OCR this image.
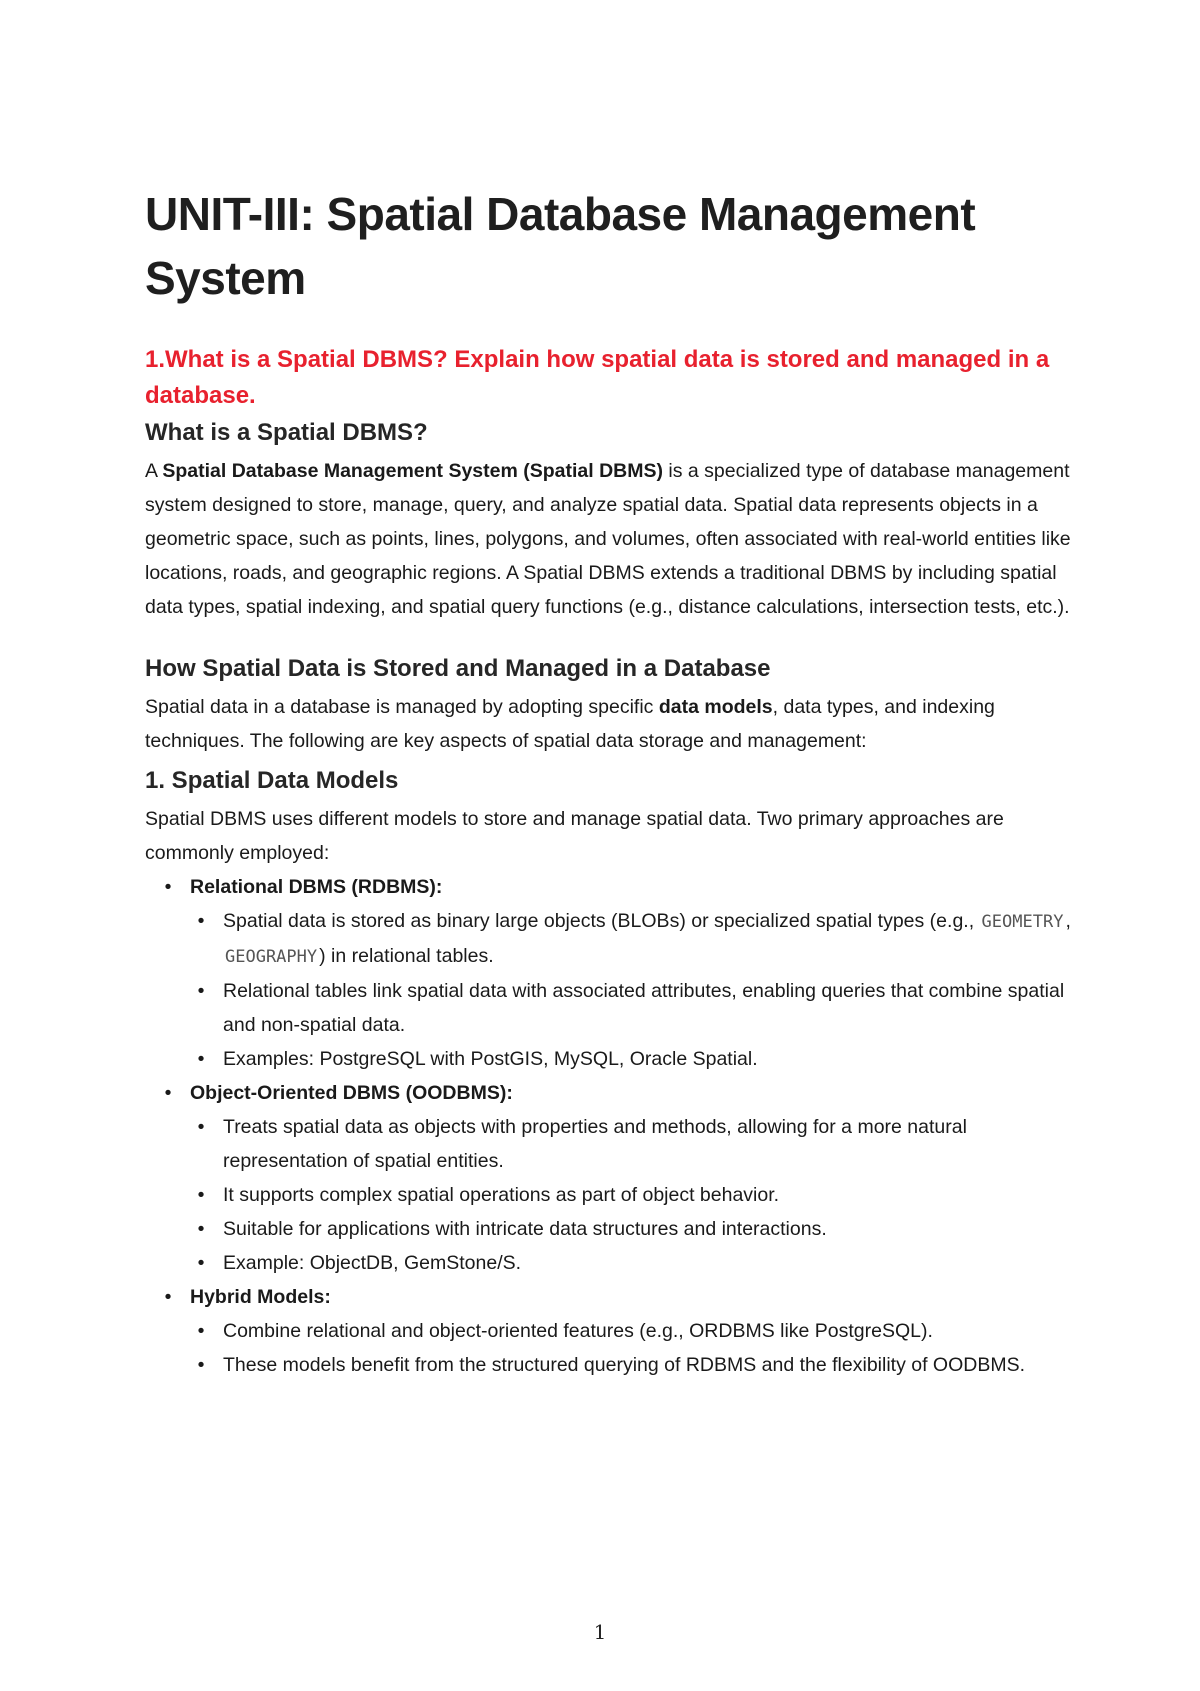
UNIT-III: Spatial Database Management System
1.What is a Spatial DBMS? Explain how spatial data is stored and managed in a database.
What is a Spatial DBMS?

A Spatial Database Management System (Spatial DBMS) is a specialized type of database management system designed to store, manage, query, and analyze spatial data. Spatial data represents objects in a geometric space, such as points, lines, polygons, and volumes, often associated with real-world entities like locations, roads, and geographic regions. A Spatial DBMS extends a traditional DBMS by including spatial data types, spatial indexing, and spatial query functions (e.g., distance calculations, intersection tests, etc.).

How Spatial Data is Stored and Managed in a Database

Spatial data in a database is managed by adopting specific data models, data types, and indexing techniques. The following are key aspects of spatial data storage and management:

1. Spatial Data Models

Spatial DBMS uses different models to store and manage spatial data. Two primary approaches are commonly employed:

• Relational DBMS (RDBMS):
• Spatial data is stored as binary large objects (BLOBs) or specialized spatial types (e.g., GEOMETRY , GEOGRAPHY ) in relational tables.
• Relational tables link spatial data with associated attributes, enabling queries that combine spatial and non-spatial data.
• Examples: PostgreSQL with PostGIS, MySQL, Oracle Spatial.
• Object-Oriented DBMS (OODBMS):
• Treats spatial data as objects with properties and methods, allowing for a more natural representation of spatial entities.
• It supports complex spatial operations as part of object behavior.
• Suitable for applications with intricate data structures and interactions.
• Example: ObjectDB, GemStone/S.
• Hybrid Models:
• Combine relational and object-oriented features (e.g., ORDBMS like PostgreSQL).
• These models benefit from the structured querying of RDBMS and the flexibility of OODBMS.
1
